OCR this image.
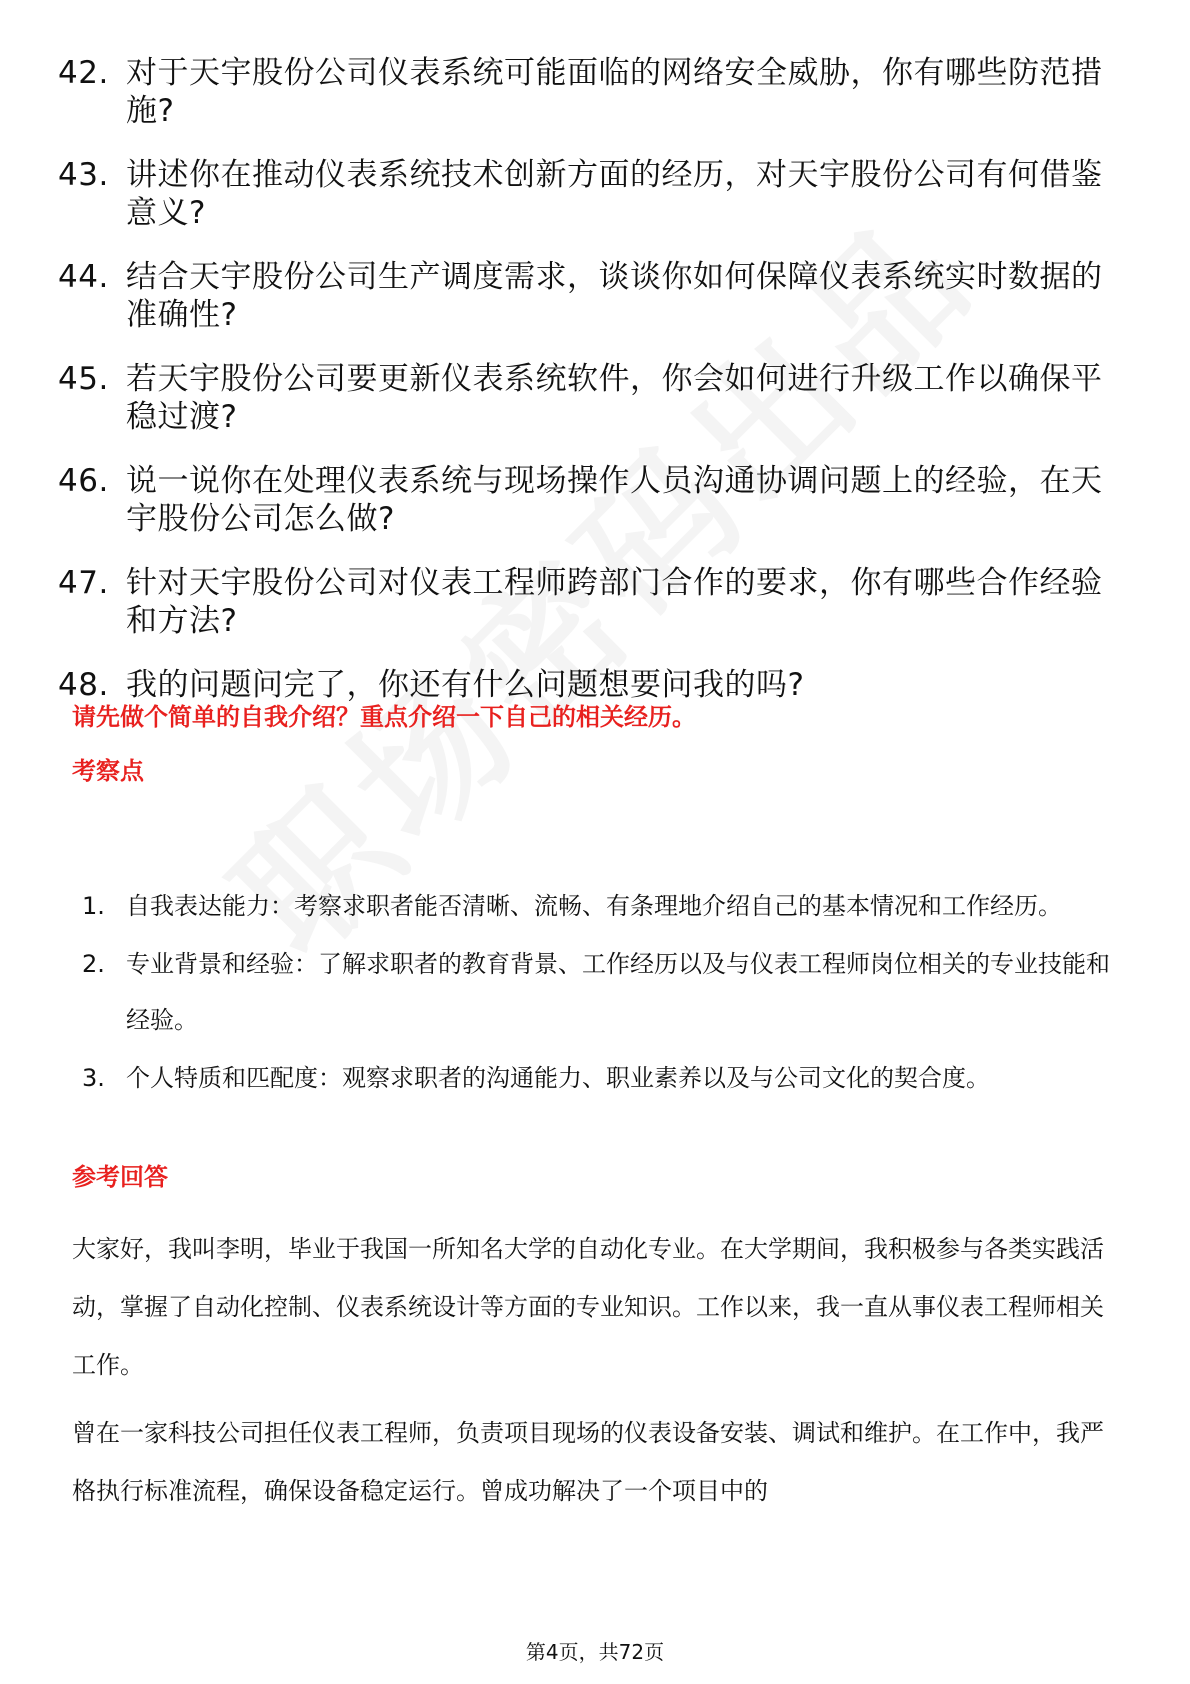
42. 对于天宇股份公司仪表系统可能面临的网络安全威胁，你有哪些防范措施?
43. 讲述你在推动仪表系统技术创新方面的经历，对天宇股份公司有何借鉴意义?
44. 结合天宇股份公司生产调度需求，谈谈你如何保障仪表系统实时数据的准确性?
45. 若天宇股份公司要更新仪表系统软件，你会如何进行升级工作以确保平稳过渡?
46. 说一说你在处理仪表系统与现场操作人员沟通协调问题上的经验，在天宇股份公司怎么做?
47. 针对天宇股份公司对仪表工程师跨部门合作的要求，你有哪些合作经验和方法?
48. 我的问题问完了，你还有什么问题想要问我的吗?
请先做个简单的自我介绍？重点介绍一下自己的相关经历。
考察点
1. 自我表达能力：考察求职者能否清晰、流畅、有条理地介绍自己的基本情况和工作经历。
2. 专业背景和经验：了解求职者的教育背景、工作经历以及与仪表工程师岗位相关的专业技能和经验。
3. 个人特质和匹配度：观察求职者的沟通能力、职业素养以及与公司文化的契合度。
参考回答

大家好，我叫李明，毕业于我国一所知名大学的自动化专业。在大学期间，我积极参与各类实践活动，掌握了自动化控制、仪表系统设计等方面的专业知识。工作以来，我一直从事仪表工程师相关工作。

曾在一家科技公司担任仪表工程师，负责项目现场的仪表设备安装、调试和维护。在工作中，我严格执行标准流程，确保设备稳定运行。曾成功解决了一个项目中的

第4页，共72页
